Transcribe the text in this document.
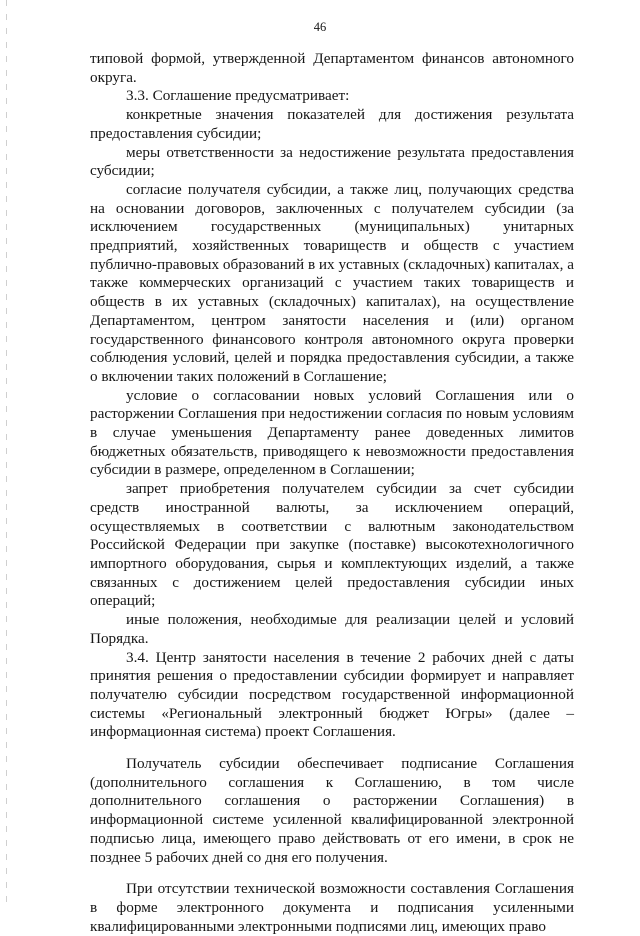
46

типовой формой, утвержденной Департаментом финансов автономного округа.

3.3. Соглашение предусматривает:

конкретные значения показателей для достижения результата предоставления субсидии;

меры ответственности за недостижение результата предоставления субсидии;

согласие получателя субсидии, а также лиц, получающих средства на основании договоров, заключенных с получателем субсидии (за исключением государственных (муниципальных) унитарных предприятий, хозяйственных товариществ и обществ с участием публично-правовых образований в их уставных (складочных) капиталах, а также коммерческих организаций с участием таких товариществ и обществ в их уставных (складочных) капиталах), на осуществление Департаментом, центром занятости населения и (или) органом государственного финансового контроля автономного округа проверки соблюдения условий, целей и порядка предоставления субсидии, а также о включении таких положений в Соглашение;

условие о согласовании новых условий Соглашения или о расторжении Соглашения при недостижении согласия по новым условиям в случае уменьшения Департаменту ранее доведенных лимитов бюджетных обязательств, приводящего к невозможности предоставления субсидии в размере, определенном в Соглашении;

запрет приобретения получателем субсидии за счет субсидии средств иностранной валюты, за исключением операций, осуществляемых в соответствии с валютным законодательством Российской Федерации при закупке (поставке) высокотехнологичного импортного оборудования, сырья и комплектующих изделий, а также связанных с достижением целей предоставления субсидии иных операций;

иные положения, необходимые для реализации целей и условий Порядка.

3.4. Центр занятости населения в течение 2 рабочих дней с даты принятия решения о предоставлении субсидии формирует и направляет получателю субсидии посредством государственной информационной системы «Региональный электронный бюджет Югры» (далее – информационная система) проект Соглашения.

Получатель субсидии обеспечивает подписание Соглашения (дополнительного соглашения к Соглашению, в том числе дополнительного соглашения о расторжении Соглашения) в информационной системе усиленной квалифицированной электронной подписью лица, имеющего право действовать от его имени, в срок не позднее 5 рабочих дней со дня его получения.

При отсутствии технической возможности составления Соглашения в форме электронного документа и подписания усиленными квалифицированными электронными подписями лиц, имеющих право
